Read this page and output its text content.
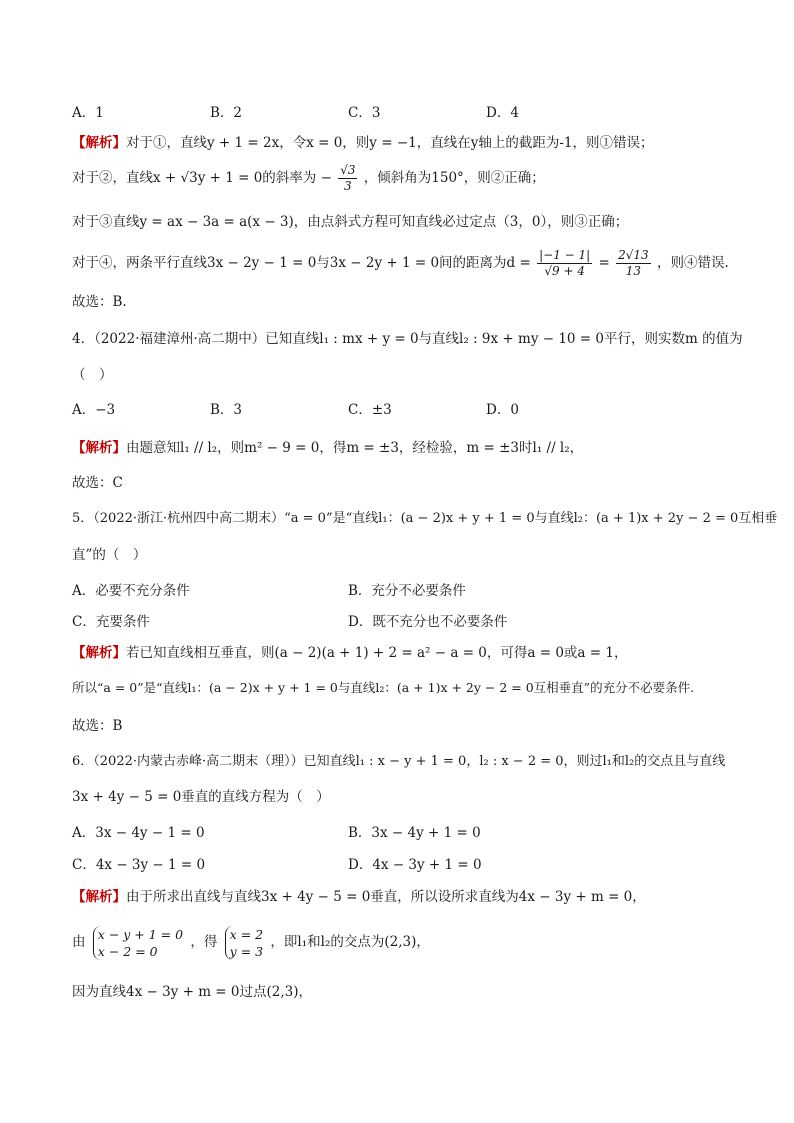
A．1	B．2	C．3	D．4
【解析】对于①，直线y + 1 = 2x，令x = 0，则y = −1，直线在y轴上的截距为-1，则①错误；
对于②，直线x + √3y + 1 = 0的斜率为 − $\frac{√3}{3}$ ，倾斜角为150°，则②正确；
对于③直线y = ax − 3a = a(x − 3)，由点斜式方程可知直线必过定点（3，0），则③正确；
对于④，两条平行直线3x − 2y − 1 = 0与3x − 2y + 1 = 0间的距离为$d = \frac{|-1 - 1|}{√9 + 4} = \frac{2√13}{13}$ ，则④错误.
故选：B.
4．（2022·福建漳州·高二期中）已知直线l₁ : mx + y = 0与直线l₂ : 9x + my − 10 = 0平行，则实数m 的值为
（　）
A．−3	B．3	C．±3	D．0
【解析】由题意知l₁ // l₂，则m² − 9 = 0，得m = ±3，经检验，m = ±3时l₁ // l₂，
故选：C
5．（2022·浙江·杭州四中高二期末）“a = 0”是“直线l₁：(a − 2)x + y + 1 = 0与直线l₂：(a + 1)x + 2y − 2 = 0互相垂
直”的（　）
A．必要不充分条件	B．充分不必要条件
C．充要条件	D．既不充分也不必要条件
【解析】若已知直线相互垂直，则(a − 2)(a + 1) + 2 = a² − a = 0，可得a = 0或a = 1，
所以“a = 0”是“直线l₁：(a − 2)x + y + 1 = 0与直线l₂：(a + 1)x + 2y − 2 = 0互相垂直”的充分不必要条件.
故选：B
6．（2022·内蒙古赤峰·高二期末（理））已知直线l₁ : x − y + 1 = 0，l₂ : x − 2 = 0，则过l₁和l₂的交点且与直线
3x + 4y − 5 = 0垂直的直线方程为（　）
A．3x − 4y − 1 = 0	B．3x − 4y + 1 = 0
C．4x − 3y − 1 = 0	D．4x − 3y + 1 = 0
【解析】由于所求出直线与直线3x + 4y − 5 = 0垂直，所以设所求直线为4x − 3y + m = 0，
由 x − y + 1 = 0
x − 2 = 0
，得 x = 2
y = 3
，即l₁和l₂的交点为(2,3)，
因为直线4x − 3y + m = 0过点(2,3)，
